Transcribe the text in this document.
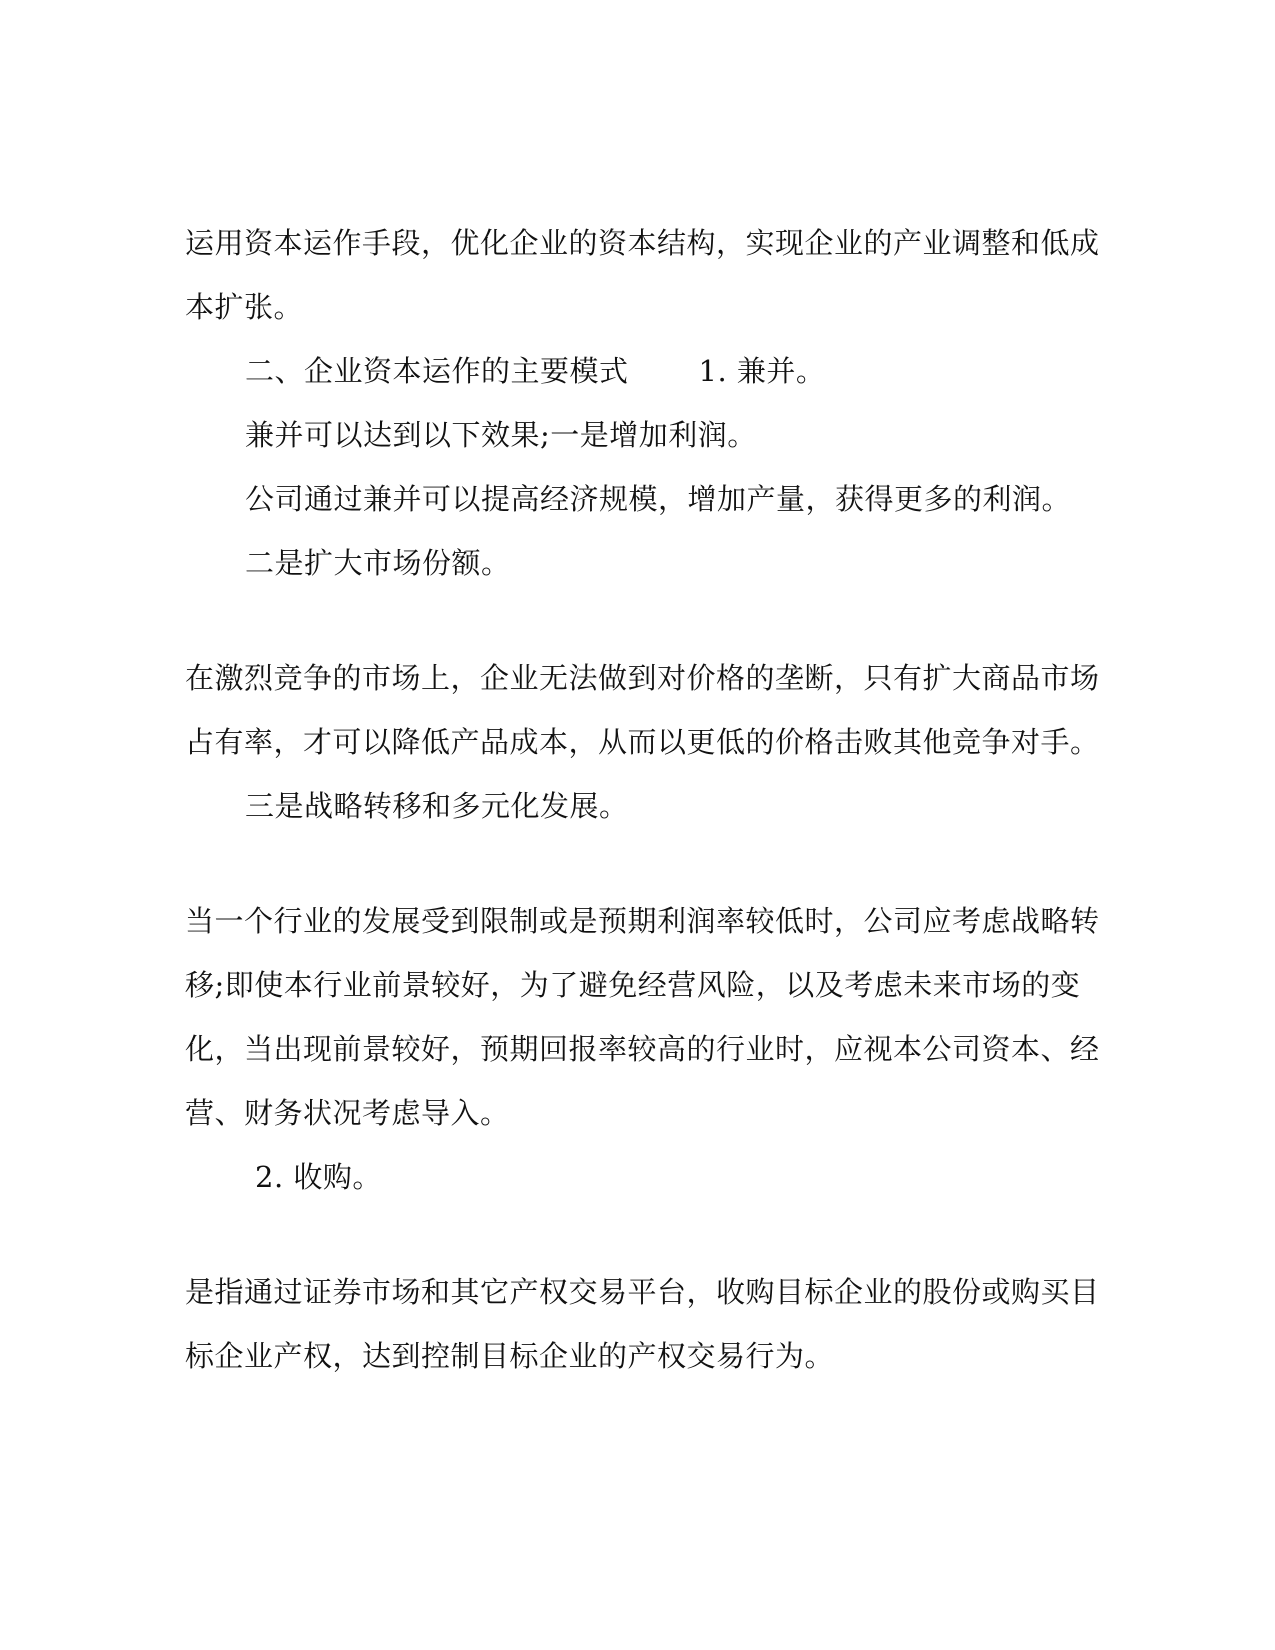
运用资本运作手段，优化企业的资本结构，实现企业的产业调整和低成
本扩张。
二、企业资本运作的主要模式 1. 兼并。
兼并可以达到以下效果;一是增加利润。
公司通过兼并可以提高经济规模，增加产量，获得更多的利润。
二是扩大市场份额。
在激烈竞争的市场上，企业无法做到对价格的垄断，只有扩大商品市场
占有率，才可以降低产品成本，从而以更低的价格击败其他竞争对手。
三是战略转移和多元化发展。
当一个行业的发展受到限制或是预期利润率较低时，公司应考虑战略转
移;即使本行业前景较好，为了避免经营风险，以及考虑未来市场的变
化，当出现前景较好，预期回报率较高的行业时，应视本公司资本、经
营、财务状况考虑导入。
2. 收购。
是指通过证券市场和其它产权交易平台，收购目标企业的股份或购买目
标企业产权，达到控制目标企业的产权交易行为。
